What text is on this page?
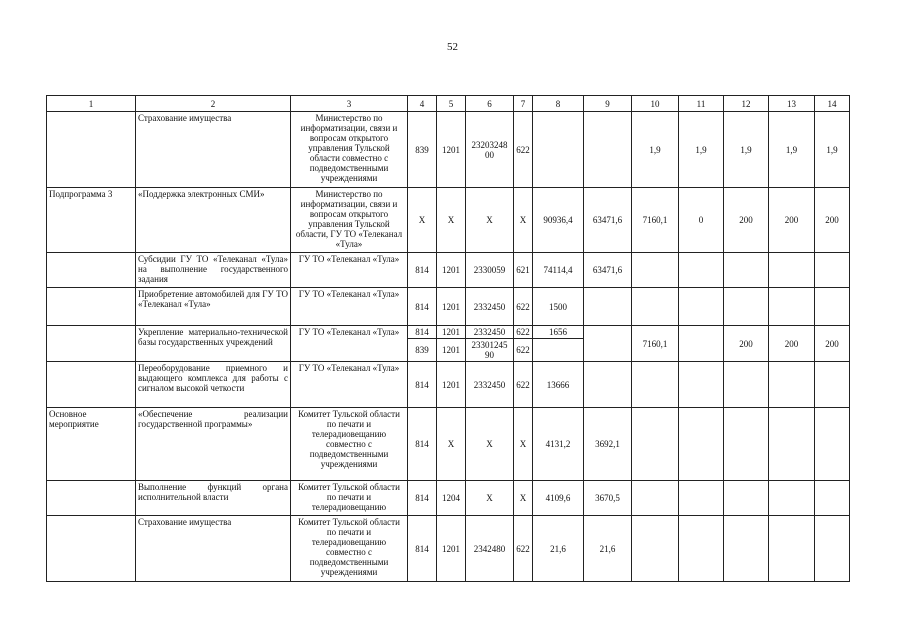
52
1	2	3	4	5	6	7	8	9	10	11	12	13	14
	Страхование имущества	Министерство по информатизации, связи и вопросам открытого управления Тульской области совместно с подведомственными учреждениями	839	1201	23203248 00	622			1,9	1,9	1,9	1,9	1,9
Подпрограмма 3	«Поддержка электронных СМИ»	Министерство по информатизации, связи и вопросам открытого управления Тульской области, ГУ ТО «Телеканал «Тула»	X	X	X	X	90936,4	63471,6	7160,1	0	200	200	200
	Субсидии ГУ ТО «Телеканал «Тула» на выполнение государственного задания	ГУ ТО «Телеканал «Тула»	814	1201	2330059	621	74114,4	63471,6					
	Приобретение автомобилей для ГУ ТО «Телеканал «Тула»	ГУ ТО «Телеканал «Тула»	814	1201	2332450	622	1500						
	Укрепление материально-технической базы государственных учреждений	ГУ ТО «Телеканал «Тула»	814	1201	2332450	622	1656		7160,1		200	200	200
			839	1201	23301245 90	622							
	Переоборудование приемного и выдающего комплекса для работы с сигналом высокой четкости	ГУ ТО «Телеканал «Тула»	814	1201	2332450	622	13666						
Основное мероприятие	«Обеспечение реализации государственной программы»	Комитет Тульской области по печати и телерадиовещанию совместно с подведомственными учреждениями	814	X	X	X	4131,2	3692,1					
	Выполнение функций органа исполнительной власти	Комитет Тульской области по печати и телерадиовещанию	814	1204	X	X	4109,6	3670,5					
	Страхование имущества	Комитет Тульской области по печати и телерадиовещанию совместно с подведомственными учреждениями	814	1201	2342480	622	21,6	21,6					
